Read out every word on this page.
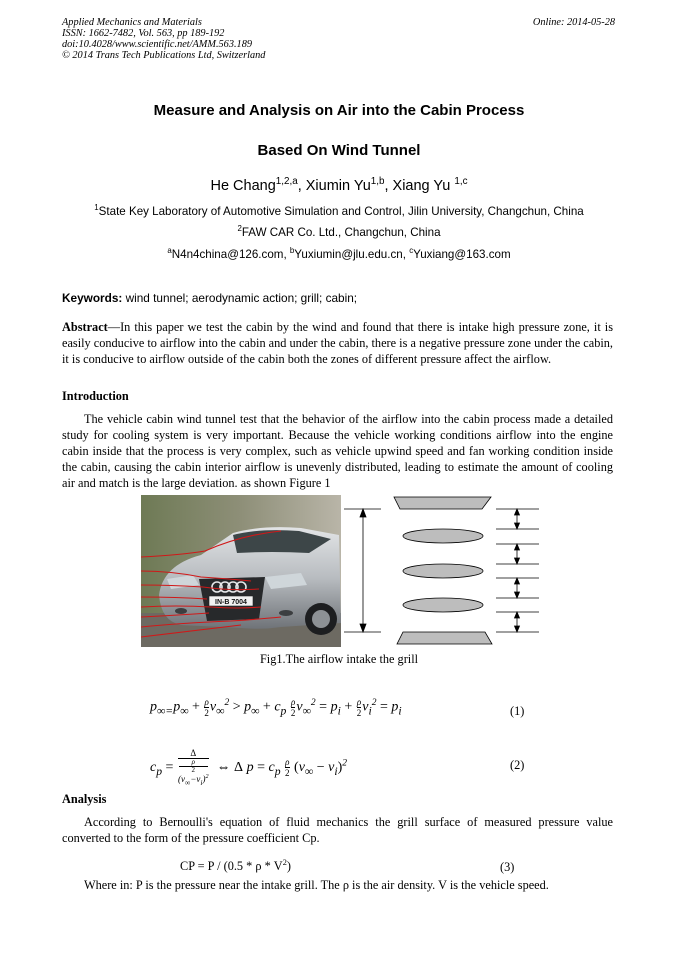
Applied Mechanics and Materials
ISSN: 1662-7482, Vol. 563, pp 189-192
doi:10.4028/www.scientific.net/AMM.563.189
© 2014 Trans Tech Publications Ltd, Switzerland
Online: 2014-05-28
Measure and Analysis on Air into the Cabin Process
Based On Wind Tunnel
He Chang$^{1,2,a}$, Xiumin Yu$^{1,b}$, Xiang Yu $^{1,c}$
$^1$State Key Laboratory of Automotive Simulation and Control, Jilin University, Changchun, China
$^2$FAW CAR Co. Ltd., Changchun, China
$^a$N4n4china@126.com, $^b$Yuxiumin@jlu.edu.cn, $^c$Yuxiang@163.com
Keywords: wind tunnel; aerodynamic action; grill; cabin;

Abstract—In this paper we test the cabin by the wind and found that there is intake high pressure zone, it is easily conducive to airflow into the cabin and under the cabin, there is a negative pressure zone under the cabin, it is conducive to airflow outside of the cabin both the zones of different pressure affect the airflow.

Introduction

The vehicle cabin wind tunnel test that the behavior of the airflow into the cabin process made a detailed study for cooling system is very important. Because the vehicle working conditions airflow into the engine cabin inside that the process is very complex, such as vehicle upwind speed and fan working condition inside the cabin, causing the cabin interior airflow is unevenly distributed, leading to estimate the amount of cooling air and match is the large deviation. as shown Figure 1

IN-B 7004
Fig1.The airflow intake the grill
$p_{\infty=}p_\infty + \frac{\rho}{2} v_\infty^2 > p_\infty + c_p \frac{\rho}{2} v_\infty^2 = p_i + \frac{\rho}{2} v_i^2 = p_i$	(1)
$c_p = \Delta$
ρ
2
$(\nu_\infty-\nu_i)^2$ ⇔ Δ $p = c_p \frac{\rho}{2} (\nu_\infty - \nu_i)^2$	(2)
Analysis

According to Bernoulli's equation of fluid mechanics the grill surface of measured pressure value converted to the form of the pressure coefficient Cp.

CP = P / (0.5 * ρ * $V^2$)	(3)
Where in: P is the pressure near the intake grill. The ρ is the air density. V is the vehicle speed.
